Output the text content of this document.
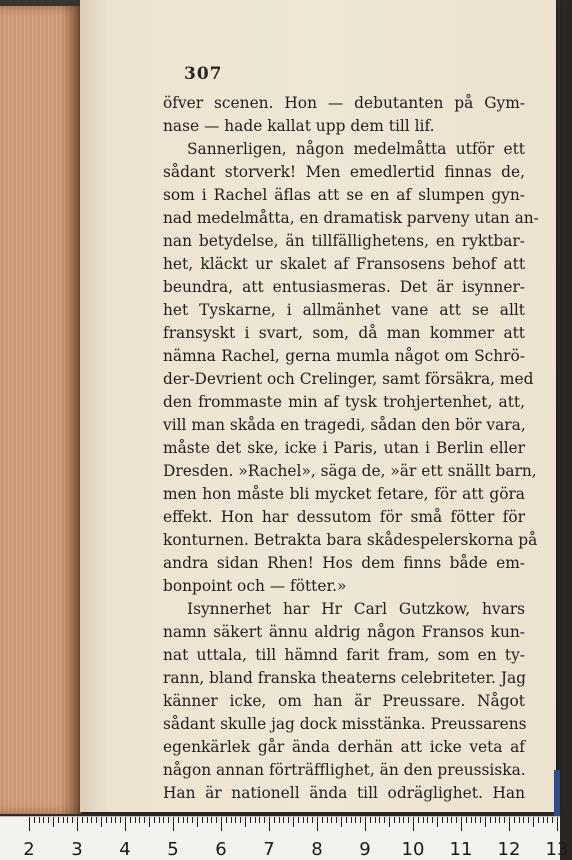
307
öfver scenen. Hon — debutanten på Gym-
nase — hade kallat upp dem till lif.
Sannerligen, någon medelmåtta utför ett
sådant storverk! Men emedlertid finnas de,
som i Rachel äflas att se en af slumpen gyn-
nad medelmåtta, en dramatisk parveny utan an-
nan betydelse, än tillfällighetens, en ryktbar-
het, kläckt ur skalet af Fransosens behof att
beundra, att entusiasmeras. Det är isynner-
het Tyskarne, i allmänhet vane att se allt
fransyskt i svart, som, då man kommer att
nämna Rachel, gerna mumla något om Schrö-
der-Devrient och Crelinger, samt försäkra, med
den frommaste min af tysk trohjertenhet, att,
vill man skåda en tragedi, sådan den bör vara,
måste det ske, icke i Paris, utan i Berlin eller
Dresden. »Rachel», säga de, »är ett snällt barn,
men hon måste bli mycket fetare, för att göra
effekt. Hon har dessutom för små fötter för
konturnen. Betrakta bara skådespelerskorna på
andra sidan Rhen! Hos dem finns både em-
bonpoint och — fötter.»
Isynnerhet har Hr Carl Gutzkow, hvars
namn säkert ännu aldrig någon Fransos kun-
nat uttala, till hämnd farit fram, som en ty-
rann, bland franska theaterns celebriteter. Jag
känner icke, om han är Preussare. Något
sådant skulle jag dock misstänka. Preussarens
egenkärlek går ända derhän att icke veta af
någon annan förträfflighet, än den preussiska.
Han är nationell ända till odräglighet. Han
2	3	4	5	6	7	8	9	10 11 12 13
